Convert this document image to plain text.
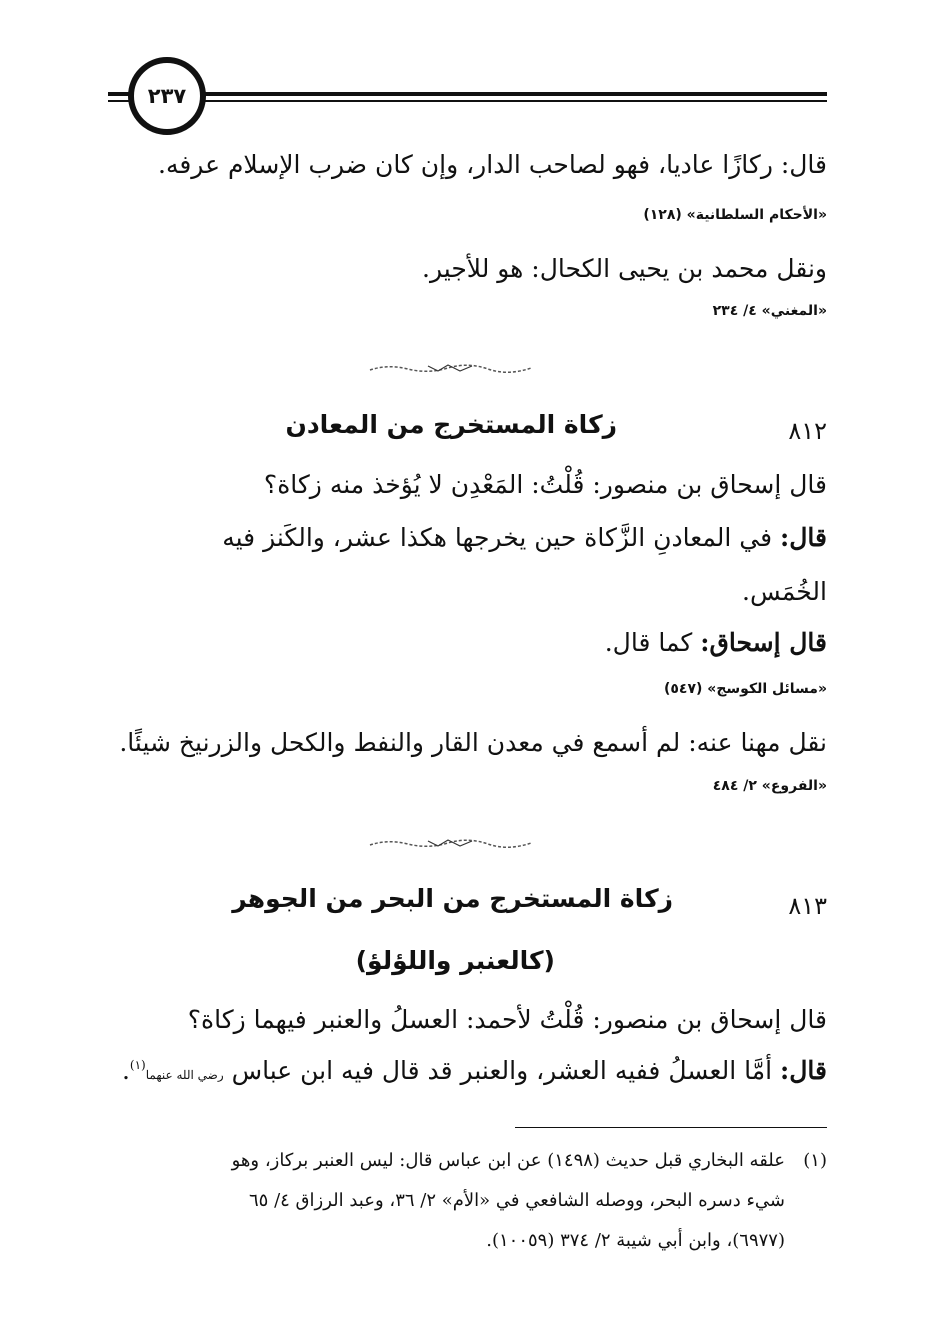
٢٣٧
قال: ركازًا عاديا، فهو لصاحب الدار، وإن كان ضرب الإسلام عرفه.
«الأحكام السلطانية» (١٢٨)
ونقل محمد بن يحيى الكحال: هو للأجير.
«المغني» ٤/ ٢٣٤
٨١٢
زكاة المستخرج من المعادن
قال إسحاق بن منصور: قُلْتُ: المَعْدِن لا يُؤخذ منه زكاة؟
قال: في المعادنِ الزَّكاة حين يخرجها هكذا عشر، والكَنز فيه
الخُمَس.
قال إسحاق: كما قال.
«مسائل الكوسج» (٥٤٧)
نقل مهنا عنه: لم أسمع في معدن القار والنفط والكحل والزرنيخ شيئًا.
«الفروع» ٢/ ٤٨٤
٨١٣
زكاة المستخرج من البحر من الجوهر
(كالعنبر واللؤلؤ)
قال إسحاق بن منصور: قُلْتُ لأحمد: العسلُ والعنبر فيهما زكاة؟
قال: أمَّا العسلُ ففيه العشر، والعنبر قد قال فيه ابن عباس رضي الله عنهما$^{(١)}$.
(١)
علقه البخاري قبل حديث (١٤٩٨) عن ابن عباس قال: ليس العنبر بركاز، وهو
شيء دسره البحر، ووصله الشافعي في «الأم» ٢/ ٣٦، وعبد الرزاق ٤/ ٦٥
(٦٩٧٧)، وابن أبي شيبة ٢/ ٣٧٤ (١٠٠٥٩).
